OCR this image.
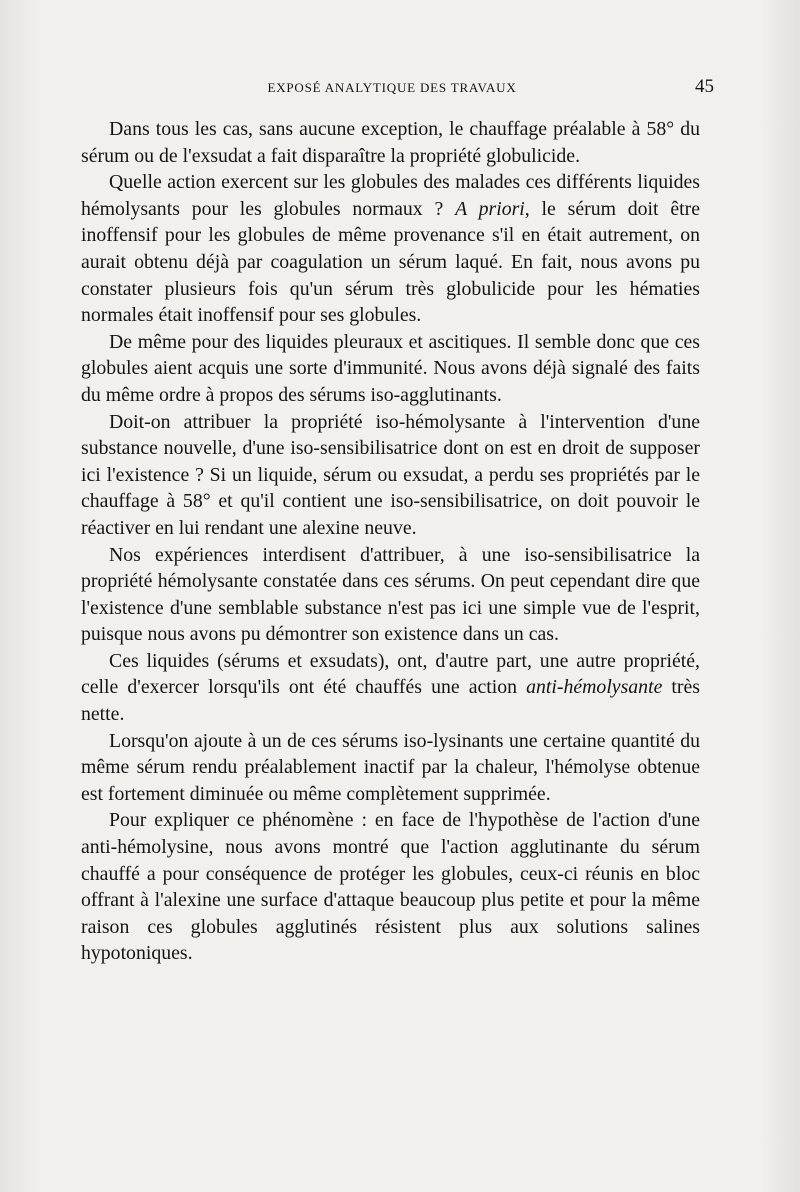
EXPOSÉ ANALYTIQUE DES TRAVAUX	45

Dans tous les cas, sans aucune exception, le chauffage préalable à 58° du sérum ou de l'exsudat a fait disparaître la propriété globulicide.

Quelle action exercent sur les globules des malades ces différents liquides hémolysants pour les globules normaux ? A priori, le sérum doit être inoffensif pour les globules de même provenance s'il en était autrement, on aurait obtenu déjà par coagulation un sérum laqué. En fait, nous avons pu constater plusieurs fois qu'un sérum très globulicide pour les hématies normales était inoffensif pour ses globules.

De même pour des liquides pleuraux et ascitiques. Il semble donc que ces globules aient acquis une sorte d'immunité. Nous avons déjà signalé des faits du même ordre à propos des sérums iso-agglutinants.

Doit-on attribuer la propriété iso-hémolysante à l'intervention d'une substance nouvelle, d'une iso-sensibilisatrice dont on est en droit de supposer ici l'existence ? Si un liquide, sérum ou exsudat, a perdu ses propriétés par le chauffage à 58° et qu'il contient une iso-sensibilisatrice, on doit pouvoir le réactiver en lui rendant une alexine neuve.

Nos expériences interdisent d'attribuer, à une iso-sensibilisatrice la propriété hémolysante constatée dans ces sérums. On peut cependant dire que l'existence d'une semblable substance n'est pas ici une simple vue de l'esprit, puisque nous avons pu démontrer son existence dans un cas.

Ces liquides (sérums et exsudats), ont, d'autre part, une autre propriété, celle d'exercer lorsqu'ils ont été chauffés une action anti-hémolysante très nette.

Lorsqu'on ajoute à un de ces sérums iso-lysinants une certaine quantité du même sérum rendu préalablement inactif par la chaleur, l'hémolyse obtenue est fortement diminuée ou même complètement supprimée.

Pour expliquer ce phénomène : en face de l'hypothèse de l'action d'une anti-hémolysine, nous avons montré que l'action agglutinante du sérum chauffé a pour conséquence de protéger les globules, ceux-ci réunis en bloc offrant à l'alexine une surface d'attaque beaucoup plus petite et pour la même raison ces globules agglutinés résistent plus aux solutions salines hypotoniques.
